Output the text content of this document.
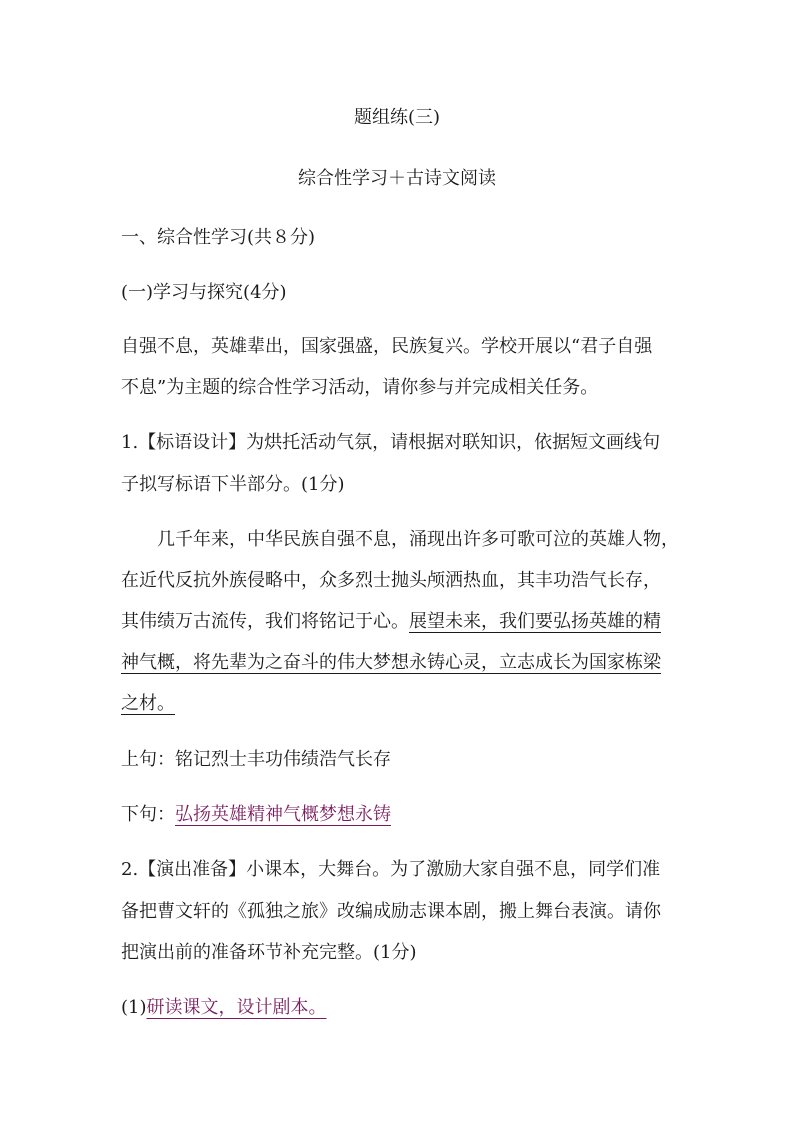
题组练(三)
综合性学习＋古诗文阅读
一、综合性学习(共８分)
(一)学习与探究(4分)
自强不息，英雄辈出，国家强盛，民族复兴。学校开展以“君子自强
不息”为主题的综合性学习活动，请你参与并完成相关任务。
1.【标语设计】为烘托活动气氛，请根据对联知识，依据短文画线句
子拟写标语下半部分。(1分)
几千年来，中华民族自强不息，涌现出许多可歌可泣的英雄人物，
在近代反抗外族侵略中，众多烈士抛头颅洒热血，其丰功浩气长存，
其伟绩万古流传，我们将铭记于心。展望未来，我们要弘扬英雄的精
神气概，将先辈为之奋斗的伟大梦想永铸心灵，立志成长为国家栋梁
之材。
上句：铭记烈士丰功伟绩浩气长存
下句：弘扬英雄精神气概梦想永铸
2.【演出准备】小课本，大舞台。为了激励大家自强不息，同学们准
备把曹文轩的《孤独之旅》改编成励志课本剧，搬上舞台表演。请你
把演出前的准备环节补充完整。(1分)
(1)研读课文，设计剧本。
